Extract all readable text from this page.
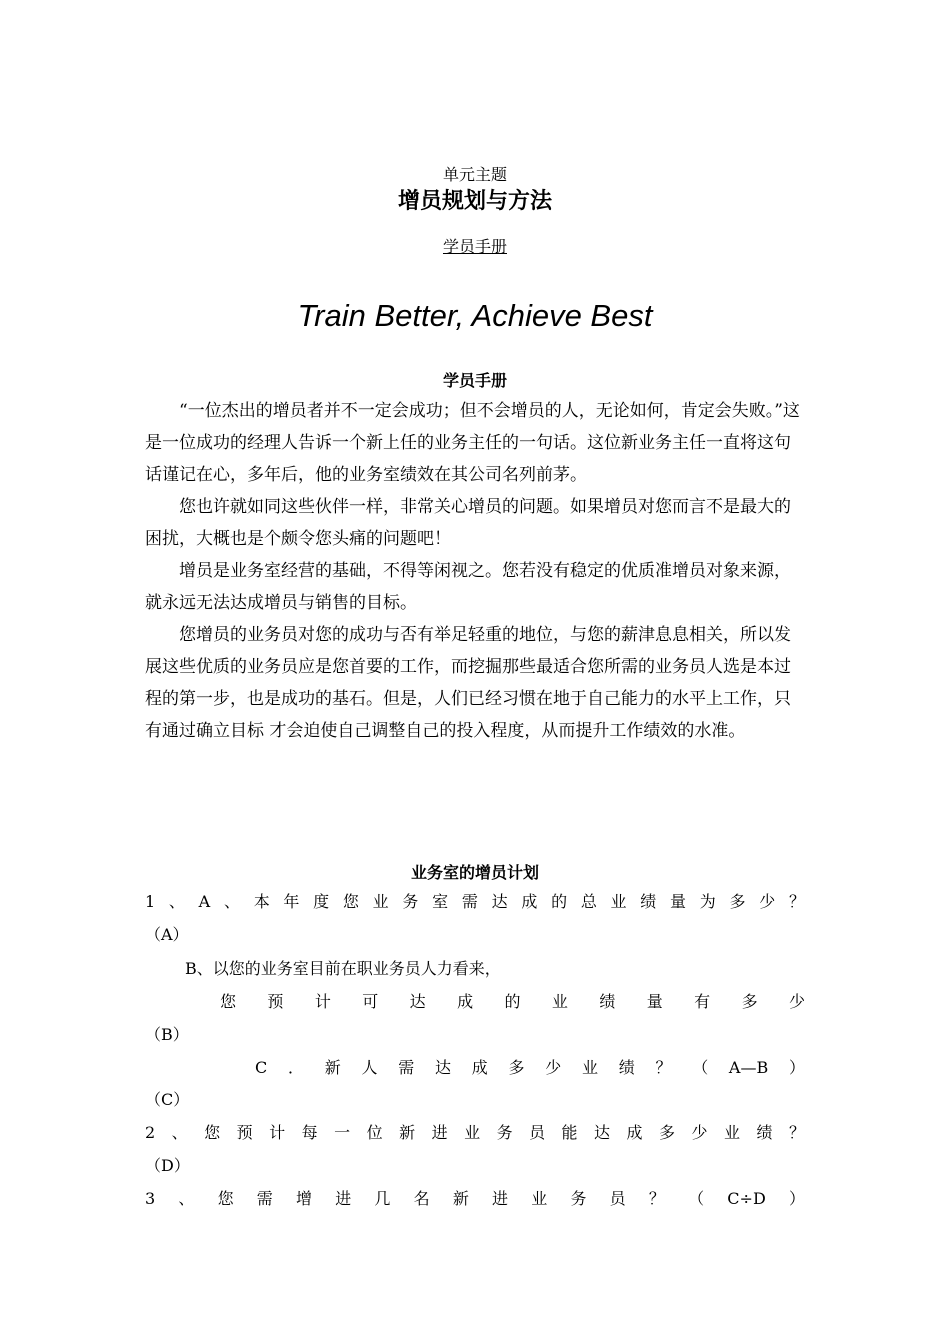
单元主题
增员规划与方法
学员手册
Train Better, Achieve Best
学员手册

“一位杰出的增员者并不一定会成功；但不会增员的人，无论如何，肯定会失败。”这是一位成功的经理人告诉一个新上任的业务主任的一句话。这位新业务主任一直将这句话谨记在心，多年后，他的业务室绩效在其公司名列前茅。

您也许就如同这些伙伴一样，非常关心增员的问题。如果增员对您而言不是最大的困扰，大概也是个颇令您头痛的问题吧！

增员是业务室经营的基础，不得等闲视之。您若没有稳定的优质准增员对象来源，就永远无法达成增员与销售的目标。

您增员的业务员对您的成功与否有举足轻重的地位，与您的薪津息息相关，所以发展这些优质的业务员应是您首要的工作，而挖掘那些最适合您所需的业务员人选是本过程的第一步，也是成功的基石。但是，人们已经习惯在地于自己能力的水平上工作，只有通过确立目标 才会迫使自己调整自己的投入程度，从而提升工作绩效的水准。

业务室的增员计划
1、A、本年度您业务室需达成的总业绩量为多少？
（A）
B、以您的业务室目前在职业务员人力看来，
您预计可达成的业绩量有多少
（B）
C．新人需达成多少业绩？（A—B）
（C）
2、您预计每一位新进业务员能达成多少业绩？
（D）
3、您需增进几名新进业务员？（C÷D）
